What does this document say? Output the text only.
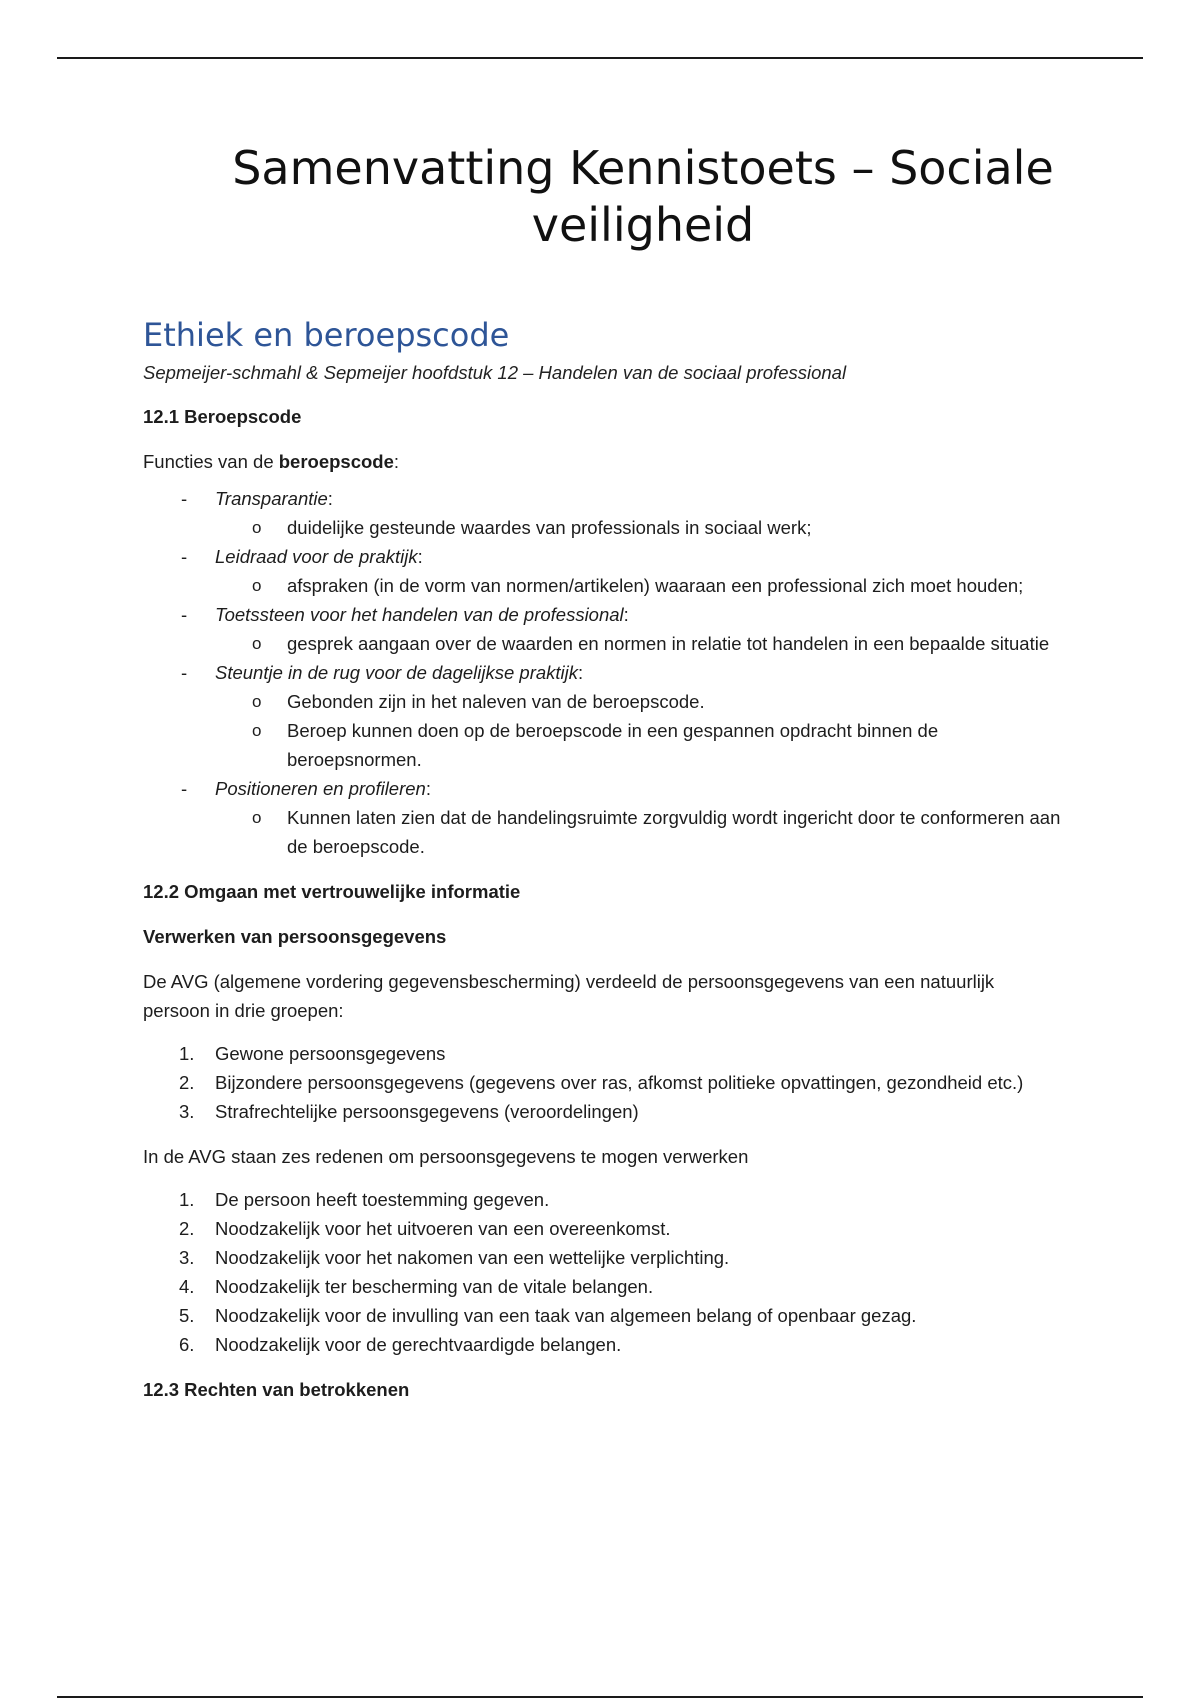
Samenvatting Kennistoets – Sociale veiligheid
Ethiek en beroepscode
Sepmeijer-schmahl & Sepmeijer hoofdstuk 12 – Handelen van de sociaal professional
12.1 Beroepscode

Functies van de beroepscode:

- Transparantie:
o duidelijke gesteunde waardes van professionals in sociaal werk;
- Leidraad voor de praktijk:
o afspraken (in de vorm van normen/artikelen) waaraan een professional zich moet houden;
- Toetssteen voor het handelen van de professional:
o gesprek aangaan over de waarden en normen in relatie tot handelen in een bepaalde situatie
- Steuntje in de rug voor de dagelijkse praktijk:
o Gebonden zijn in het naleven van de beroepscode.
o Beroep kunnen doen op de beroepscode in een gespannen opdracht binnen de beroepsnormen.
- Positioneren en profileren:
o Kunnen laten zien dat de handelingsruimte zorgvuldig wordt ingericht door te conformeren aan de beroepscode.
12.2 Omgaan met vertrouwelijke informatie
Verwerken van persoonsgegevens

De AVG (algemene vordering gegevensbescherming) verdeeld de persoonsgegevens van een natuurlijk persoon in drie groepen:

1. Gewone persoonsgegevens
2. Bijzondere persoonsgegevens (gegevens over ras, afkomst politieke opvattingen, gezondheid etc.)
3. Strafrechtelijke persoonsgegevens (veroordelingen)

In de AVG staan zes redenen om persoonsgegevens te mogen verwerken

1. De persoon heeft toestemming gegeven.
2. Noodzakelijk voor het uitvoeren van een overeenkomst.
3. Noodzakelijk voor het nakomen van een wettelijke verplichting.
4. Noodzakelijk ter bescherming van de vitale belangen.
5. Noodzakelijk voor de invulling van een taak van algemeen belang of openbaar gezag.
6. Noodzakelijk voor de gerechtvaardigde belangen.
12.3 Rechten van betrokkenen
